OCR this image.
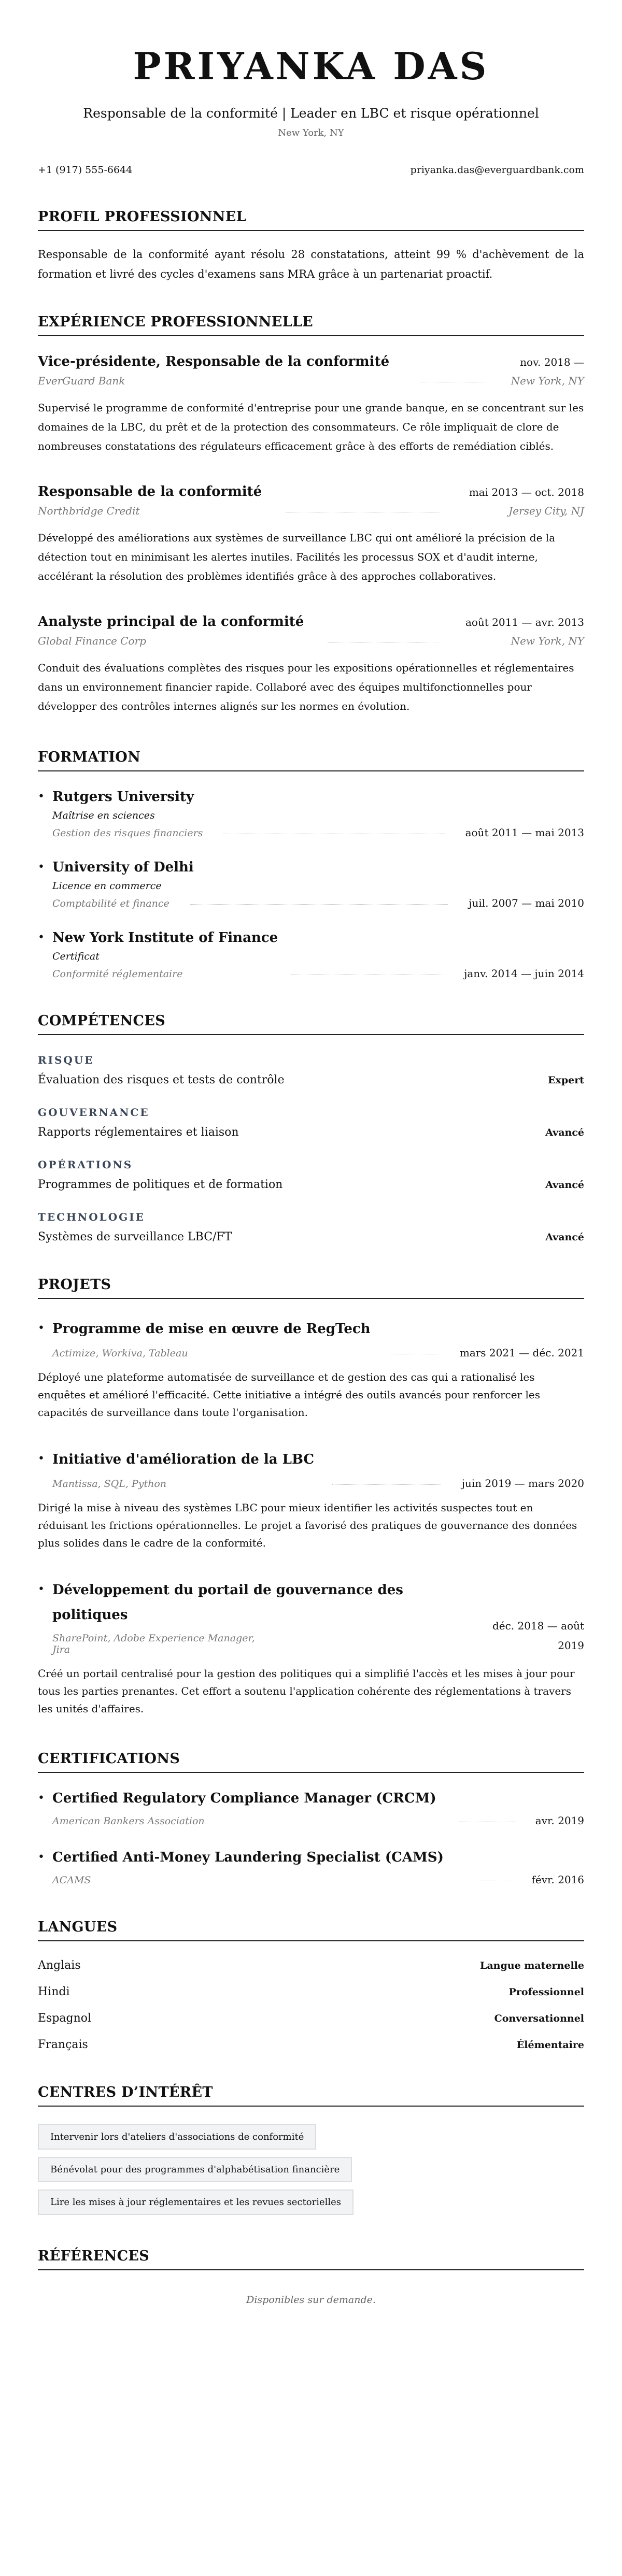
PRIYANKA DAS
Responsable de la conformité | Leader en LBC et risque opérationnel
New York, NY
+1 (917) 555-6644	priyanka.das@everguardbank.com
PROFIL PROFESSIONNEL

Responsable de la conformité ayant résolu 28 constatations, atteint 99 % d'achèvement de la formation et livré des cycles d'examens sans MRA grâce à un partenariat proactif.

EXPÉRIENCE PROFESSIONNELLE
Vice-présidente, Responsable de la conformité	nov. 2018 —
EverGuard Bank	New York, NY
Supervisé le programme de conformité d'entreprise pour une grande banque, en se concentrant sur les domaines de la LBC, du prêt et de la protection des consommateurs. Ce rôle impliquait de clore de nombreuses constatations des régulateurs efficacement grâce à des efforts de remédiation ciblés.
Responsable de la conformité	mai 2013 — oct. 2018
Northbridge Credit	Jersey City, NJ
Développé des améliorations aux systèmes de surveillance LBC qui ont amélioré la précision de la détection tout en minimisant les alertes inutiles. Facilités les processus SOX et d'audit interne, accélérant la résolution des problèmes identifiés grâce à des approches collaboratives.
Analyste principal de la conformité	août 2011 — avr. 2013
Global Finance Corp	New York, NY
Conduit des évaluations complètes des risques pour les expositions opérationnelles et réglementaires dans un environnement financier rapide. Collaboré avec des équipes multifonctionnelles pour développer des contrôles internes alignés sur les normes en évolution.
FORMATION
• Rutgers University
Maîtrise en sciences
Gestion des risques financiers	août 2011 — mai 2013
• University of Delhi
Licence en commerce
Comptabilité et finance	juil. 2007 — mai 2010
• New York Institute of Finance
Certificat
Conformité réglementaire	janv. 2014 — juin 2014
COMPÉTENCES
RISQUE
Évaluation des risques et tests de contrôle	Expert
GOUVERNANCE
Rapports réglementaires et liaison	Avancé
OPÉRATIONS
Programmes de politiques et de formation	Avancé
TECHNOLOGIE
Systèmes de surveillance LBC/FT	Avancé
PROJETS
• Programme de mise en œuvre de RegTech
Actimize, Workiva, Tableau	mars 2021 — déc. 2021
Déployé une plateforme automatisée de surveillance et de gestion des cas qui a rationalisé les enquêtes et amélioré l'efficacité. Cette initiative a intégré des outils avancés pour renforcer les capacités de surveillance dans toute l'organisation.
• Initiative d'amélioration de la LBC
Mantissa, SQL, Python	juin 2019 — mars 2020
Dirigé la mise à niveau des systèmes LBC pour mieux identifier les activités suspectes tout en réduisant les frictions opérationnelles. Le projet a favorisé des pratiques de gouvernance des données plus solides dans le cadre de la conformité.
• Développement du portail de gouvernance des politiques
SharePoint, Adobe Experience Manager, Jira
déc. 2018 — août 2019
Créé un portail centralisé pour la gestion des politiques qui a simplifié l'accès et les mises à jour pour tous les parties prenantes. Cet effort a soutenu l'application cohérente des réglementations à travers les unités d'affaires.
CERTIFICATIONS
• Certified Regulatory Compliance Manager (CRCM)
American Bankers Association	avr. 2019
• Certified Anti-Money Laundering Specialist (CAMS)
ACAMS	févr. 2016
LANGUES
Anglais	Langue maternelle
Hindi	Professionnel
Espagnol	Conversationnel
Français	Élémentaire
CENTRES D’INTÉRÊT
Intervenir lors d'ateliers d'associations de conformité
Bénévolat pour des programmes d'alphabétisation financière
Lire les mises à jour réglementaires et les revues sectorielles
RÉFÉRENCES
Disponibles sur demande.
